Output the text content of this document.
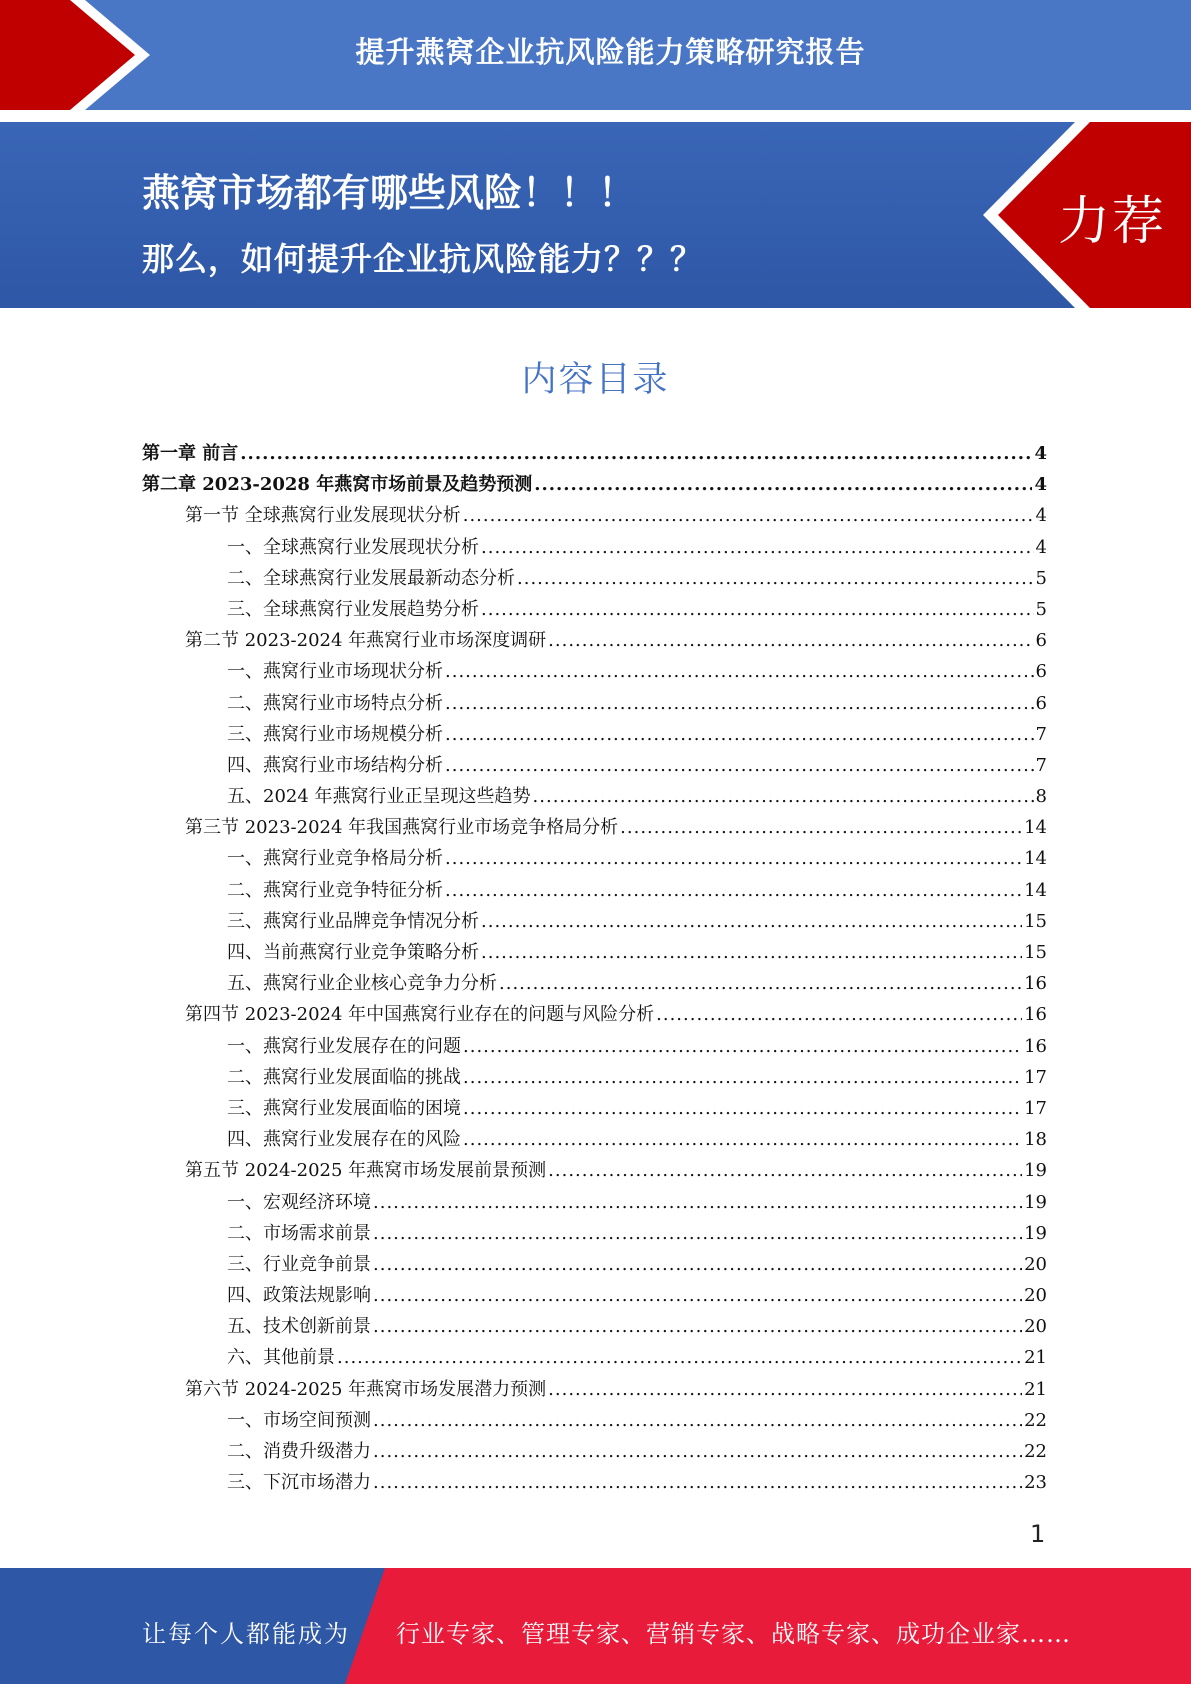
提升燕窝企业抗风险能力策略研究报告
燕窝市场都有哪些风险！！！
那么，如何提升企业抗风险能力？？？
力荐
内容目录
第一章 前言 .....	4
第二章 2023-2028 年燕窝市场前景及趋势预测 .....	4
第一节 全球燕窝行业发展现状分析 .....	4
一、全球燕窝行业发展现状分析 .....	4
二、全球燕窝行业发展最新动态分析 .....	5
三、全球燕窝行业发展趋势分析 .....	5
第二节 2023-2024 年燕窝行业市场深度调研 .....	6
一、燕窝行业市场现状分析 .....	6
二、燕窝行业市场特点分析 .....	6
三、燕窝行业市场规模分析 .....	7
四、燕窝行业市场结构分析 .....	7
五、2024 年燕窝行业正呈现这些趋势 .....	8
第三节 2023-2024 年我国燕窝行业市场竞争格局分析 .....	14
一、燕窝行业竞争格局分析 .....	14
二、燕窝行业竞争特征分析 .....	14
三、燕窝行业品牌竞争情况分析 .....	15
四、当前燕窝行业竞争策略分析 .....	15
五、燕窝行业企业核心竞争力分析 .....	16
第四节 2023-2024 年中国燕窝行业存在的问题与风险分析 .....	16
一、燕窝行业发展存在的问题 .....	16
二、燕窝行业发展面临的挑战 .....	17
三、燕窝行业发展面临的困境 .....	17
四、燕窝行业发展存在的风险 .....	18
第五节 2024-2025 年燕窝市场发展前景预测 .....	19
一、宏观经济环境 .....	19
二、市场需求前景 .....	19
三、行业竞争前景 .....	20
四、政策法规影响 .....	20
五、技术创新前景 .....	20
六、其他前景 .....	21
第六节 2024-2025 年燕窝市场发展潜力预测 .....	21
一、市场空间预测 .....	22
二、消费升级潜力 .....	22
三、下沉市场潜力 .....	23
1
让每个人都能成为 行业专家、管理专家、营销专家、战略专家、成功企业家……
